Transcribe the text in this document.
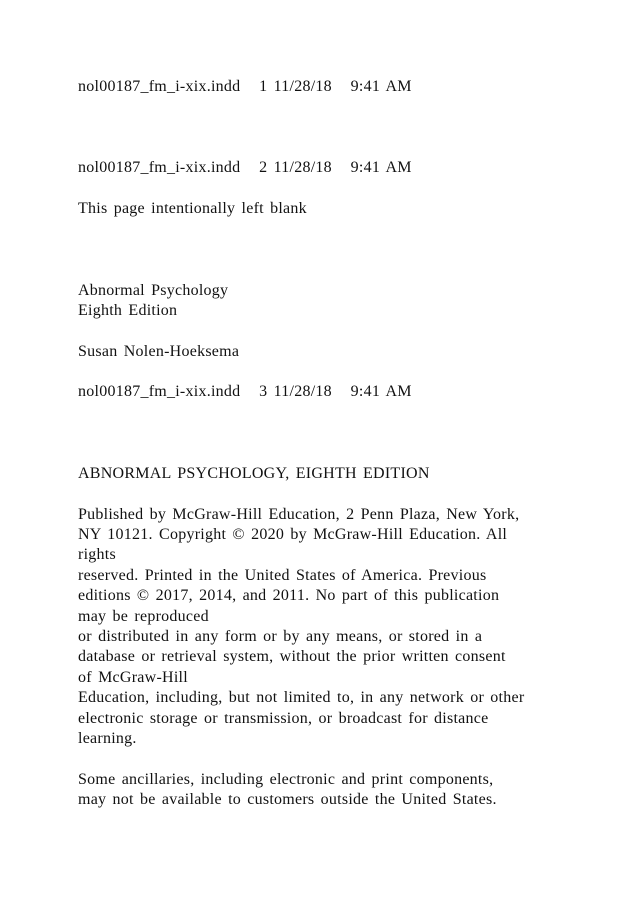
nol00187_fm_i-xix.indd   1 11/28/18   9:41 AM
nol00187_fm_i-xix.indd   2 11/28/18   9:41 AM
This page intentionally left blank
Abnormal Psychology
Eighth Edition
Susan Nolen-Hoeksema
nol00187_fm_i-xix.indd   3 11/28/18   9:41 AM
ABNORMAL PSYCHOLOGY, EIGHTH EDITION
Published by McGraw-Hill Education, 2 Penn Plaza, New York,
NY 10121. Copyright © 2020 by McGraw-Hill Education. All
rights
reserved. Printed in the United States of America. Previous
editions © 2017, 2014, and 2011. No part of this publication
may be reproduced
or distributed in any form or by any means, or stored in a
database or retrieval system, without the prior written consent
of McGraw-Hill
Education, including, but not limited to, in any network or other
electronic storage or transmission, or broadcast for distance
learning.
Some ancillaries, including electronic and print components,
may not be available to customers outside the United States.
